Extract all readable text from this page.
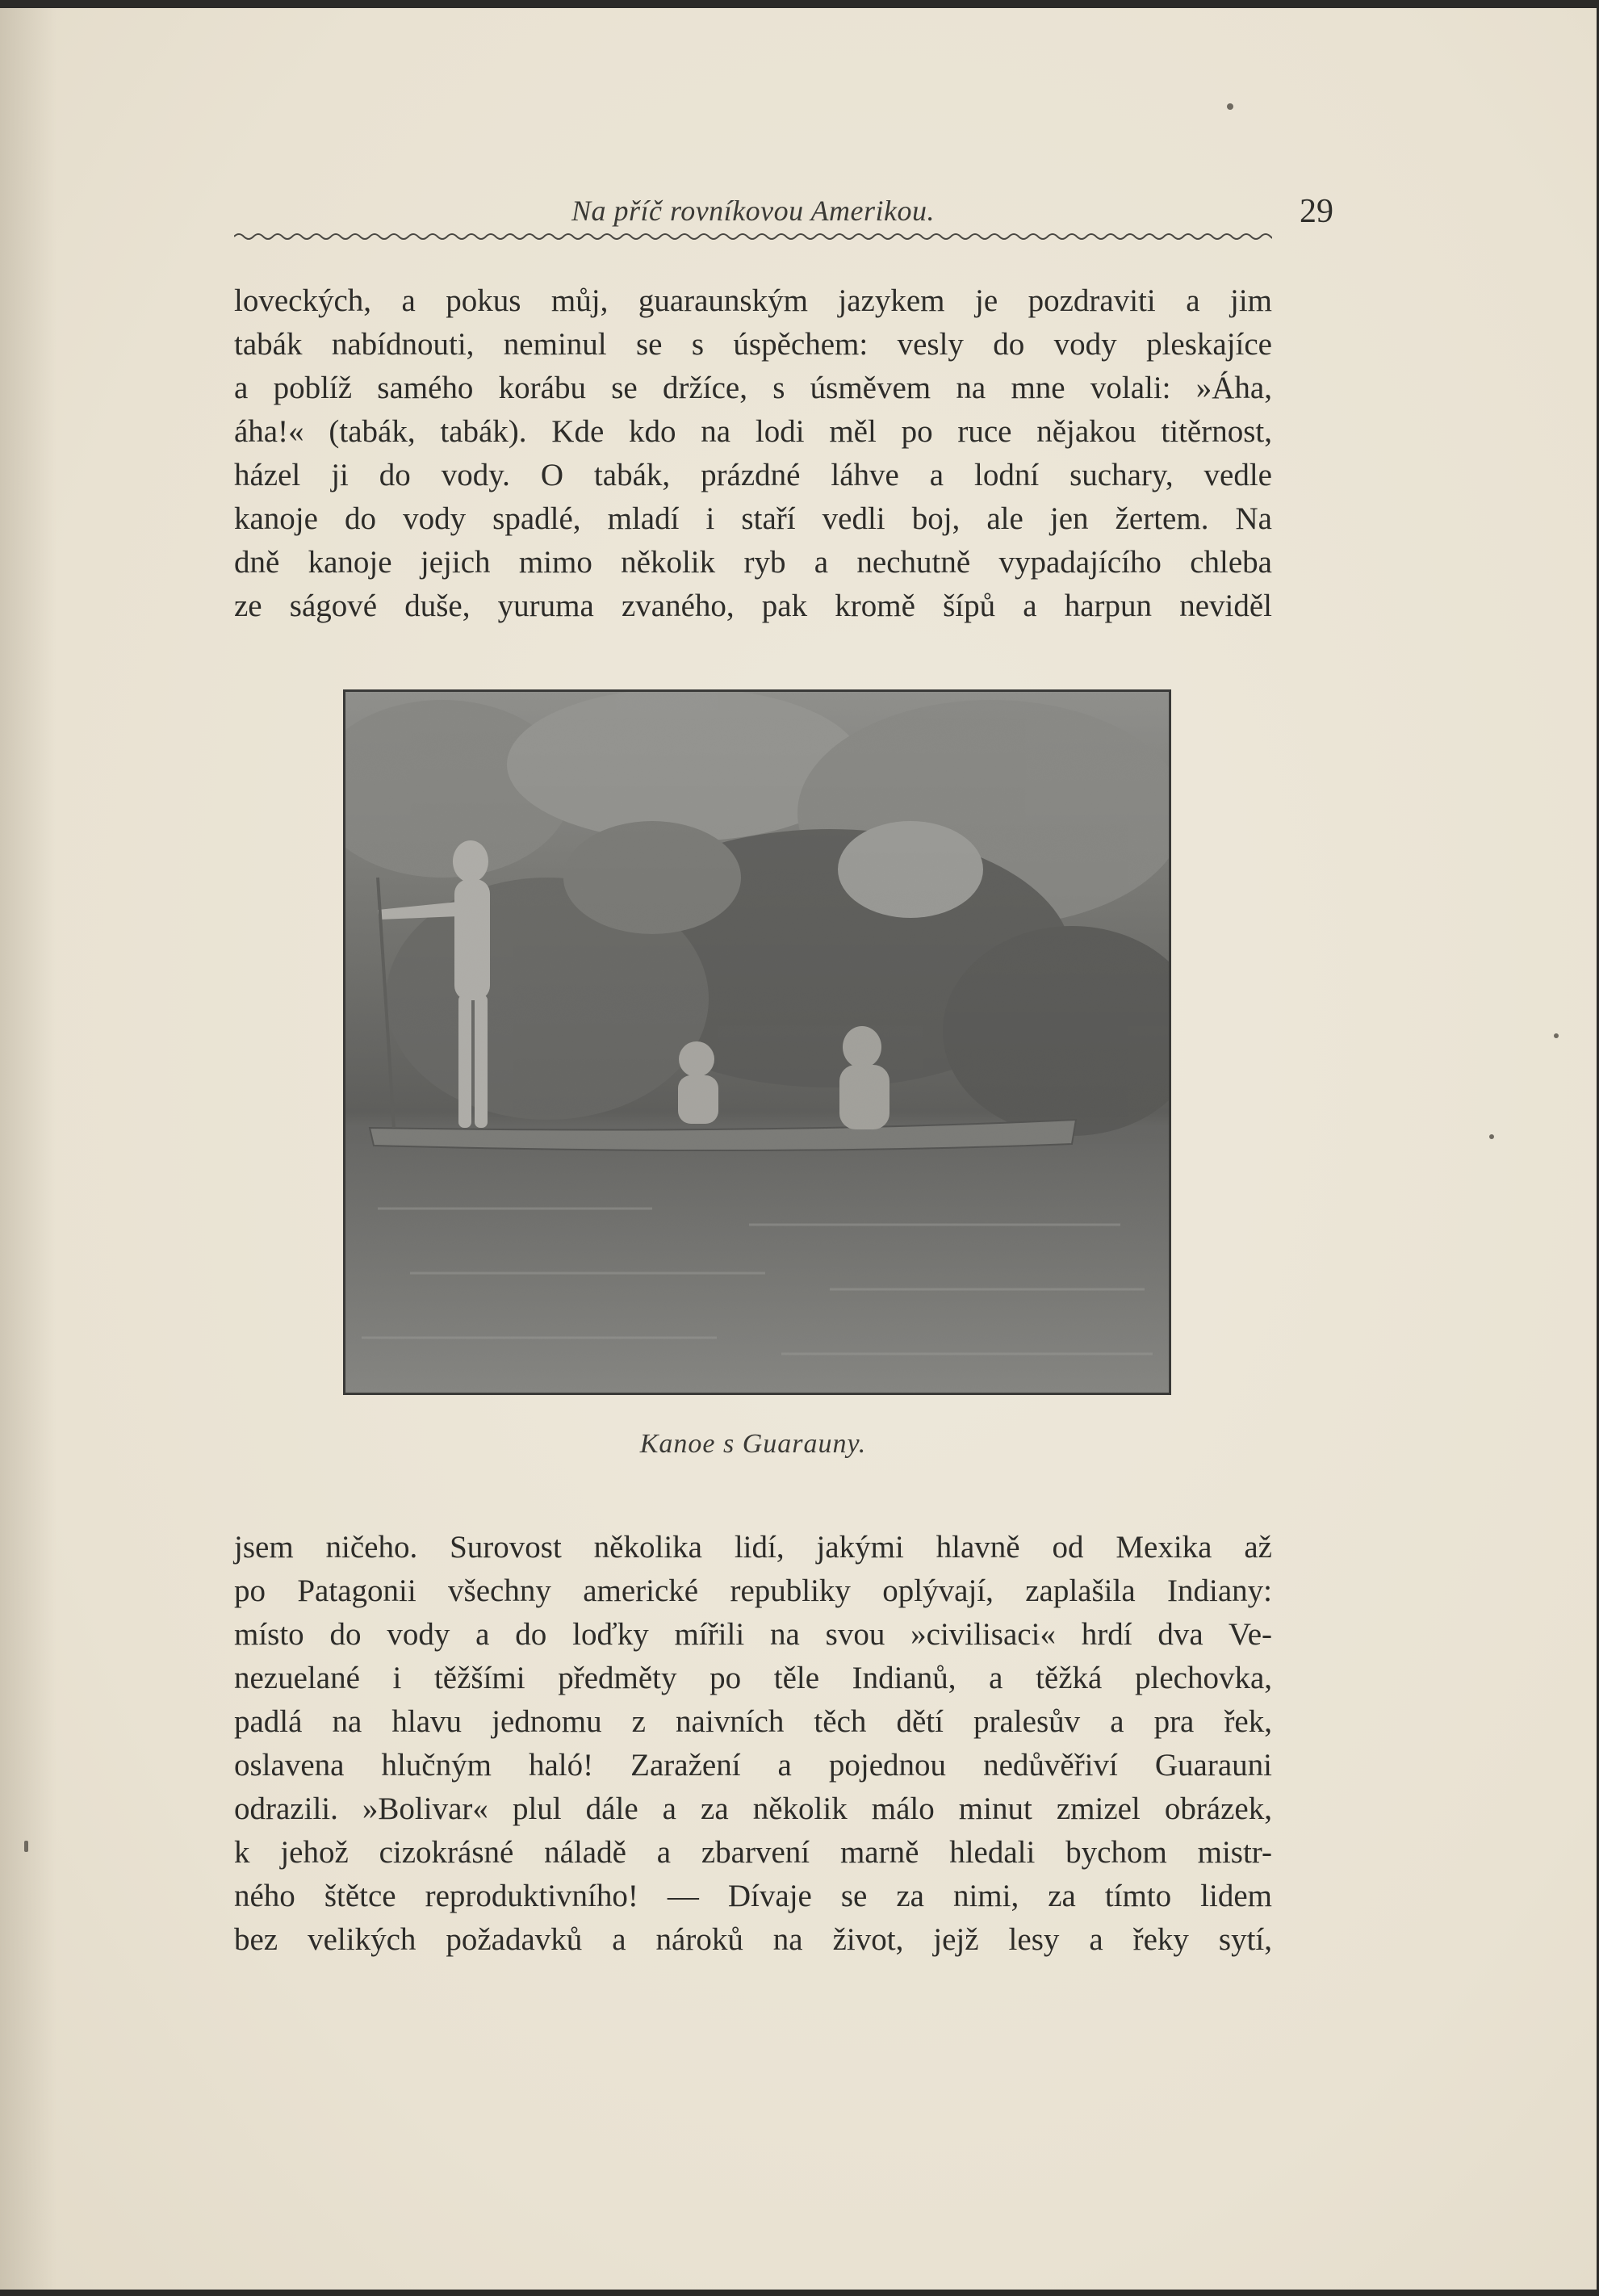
Na příč rovníkovou Amerikou.	29
loveckých, a pokus můj, guaraunským jazykem je pozdraviti a jim
tabák nabídnouti, neminul se s úspěchem: vesly do vody pleskajíce
a poblíž samého korábu se držíce, s úsměvem na mne volali: »Áha,
áha!« (tabák, tabák). Kde kdo na lodi měl po ruce nějakou titěrnost,
házel ji do vody. O tabák, prázdné láhve a lodní suchary, vedle
kanoje do vody spadlé, mladí i staří vedli boj, ale jen žertem. Na
dně kanoje jejich mimo několik ryb a nechutně vypadajícího chleba
ze ságové duše, yuruma zvaného, pak kromě šípů a harpun neviděl
Kanoe s Guarauny.
jsem ničeho. Surovost několika lidí, jakými hlavně od Mexika až
po Patagonii všechny americké republiky oplývají, zaplašila Indiany:
místo do vody a do loďky mířili na svou »civilisaci« hrdí dva Ve-
nezuelané i těžšími předměty po těle Indianů, a těžká plechovka,
padlá na hlavu jednomu z naivních těch dětí pralesův a pra řek,
oslavena hlučným haló! Zaražení a pojednou nedůvěřiví Guarauni
odrazili. »Bolivar« plul dále a za několik málo minut zmizel obrázek,
k jehož cizokrásné náladě a zbarvení marně hledali bychom mistr-
ného štětce reproduktivního! — Dívaje se za nimi, za tímto lidem
bez velikých požadavků a nároků na život, jejž lesy a řeky sytí,
